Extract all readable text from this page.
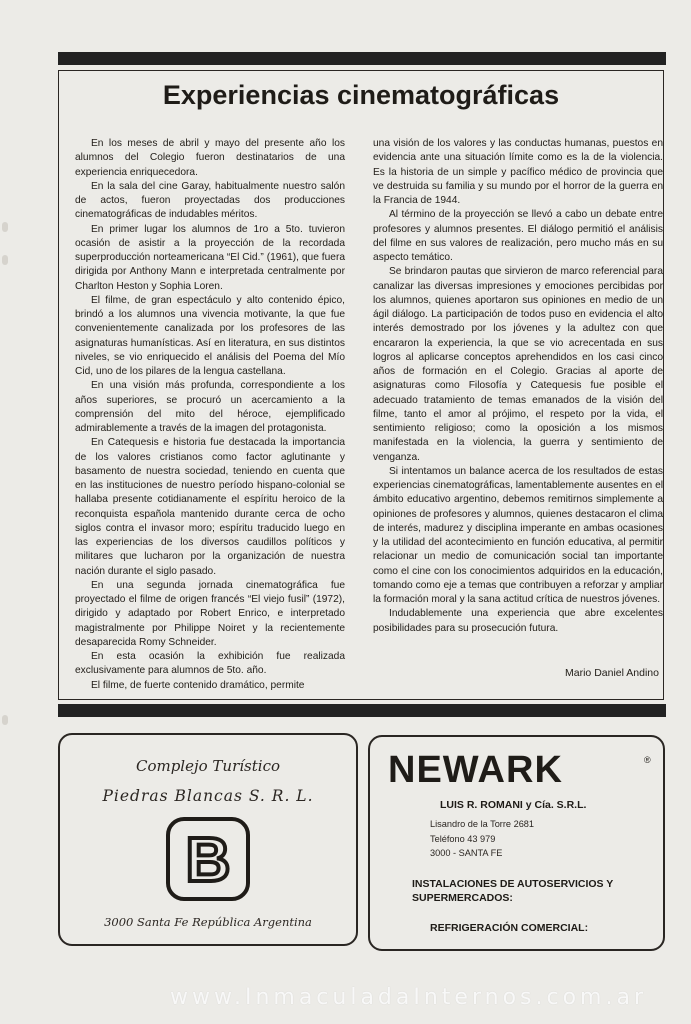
Experiencias cinematográficas

En los meses de abril y mayo del presente año los alumnos del Colegio fueron destinatarios de una experiencia enriquecedora.

En la sala del cine Garay, habitualmente nuestro salón de actos, fueron proyectadas dos producciones cinematográficas de indudables méritos.

En primer lugar los alumnos de 1ro a 5to. tuvieron ocasión de asistir a la proyección de la recordada superproducción norteamericana “El Cid.” (1961), que fuera dirigida por Anthony Mann e interpretada centralmente por Charlton Heston y Sophia Loren.

El filme, de gran espectáculo y alto contenido épico, brindó a los alumnos una vivencia motivante, la que fue convenientemente canalizada por los profesores de las asignaturas humanísticas. Así en literatura, en sus distintos niveles, se vio enriquecido el análisis del Poema del Mío Cid, uno de los pilares de la lengua castellana.

En una visión más profunda, correspondiente a los años superiores, se procuró un acercamiento a la comprensión del mito del héroce, ejemplificado admirablemente a través de la imagen del protagonista.

En Catequesis e historia fue destacada la importancia de los valores cristianos como factor aglutinante y basamento de nuestra sociedad, teniendo en cuenta que en las instituciones de nuestro período hispano-colonial se hallaba presente cotidianamente el espíritu heroico de la reconquista española mantenido durante cerca de ocho siglos contra el invasor moro; espíritu traducido luego en las experiencias de los diversos caudillos políticos y militares que lucharon por la organización de nuestra nación durante el siglo pasado.

En una segunda jornada cinematográfica fue proyectado el filme de origen francés “El viejo fusil” (1972), dirigido y adaptado por Robert Enrico, e interpretado magistralmente por Philippe Noiret y la recientemente desaparecida Romy Schneider.

En esta ocasión la exhibición fue realizada exclusivamente para alumnos de 5to. año.

El filme, de fuerte contenido dramático, permite

una visión de los valores y las conductas humanas, puestos en evidencia ante una situación límite como es la de la violencia. Es la historia de un simple y pacífico médico de provincia que ve destruida su familia y su mundo por el horror de la guerra en la Francia de 1944.

Al término de la proyección se llevó a cabo un debate entre profesores y alumnos presentes. El diálogo permitió el análisis del filme en sus valores de realización, pero mucho más en su aspecto temático.

Se brindaron pautas que sirvieron de marco referencial para canalizar las diversas impresiones y emociones percibidas por los alumnos, quienes aportaron sus opiniones en medio de un ágil diálogo. La participación de todos puso en evidencia el alto interés demostrado por los jóvenes y la adultez con que encararon la experiencia, la que se vio acrecentada en sus logros al aplicarse conceptos aprehendidos en los casi cinco años de formación en el Colegio. Gracias al aporte de asignaturas como Filosofía y Catequesis fue posible el adecuado tratamiento de temas emanados de la visión del filme, tanto el amor al prójimo, el respeto por la vida, el sentimiento religioso; como la oposición a los mismos manifestada en la violencia, la guerra y sentimiento de venganza.

Si intentamos un balance acerca de los resultados de estas experiencias cinematográficas, lamentablemente ausentes en el ámbito educativo argentino, debemos remitirnos simplemente a opiniones de profesores y alumnos, quienes destacaron el clima de interés, madurez y disciplina imperante en ambas ocasiones y la utilidad del acontecimiento en función educativa, al permitir relacionar un medio de comunicación social tan importante como el cine con los conocimientos adquiridos en la educación, tomando como eje a temas que contribuyen a reforzar y ampliar la formación moral y la sana actitud crítica de nuestros jóvenes.

Indudablemente una experiencia que abre excelentes posibilidades para su prosecución futura.

Mario Daniel Andino
Complejo Turístico
Piedras Blancas S. R. L.
B
3000 Santa Fe República Argentina
NEWARK	®
LUIS R. ROMANI y Cía. S.R.L.
Lisandro de la Torre 2681
Teléfono 43 979
3000 - SANTA FE
INSTALACIONES DE AUTOSERVICIOS Y SUPERMERCADOS:
REFRIGERACIÓN COMERCIAL:
www.InmaculadaInternos.com.ar
